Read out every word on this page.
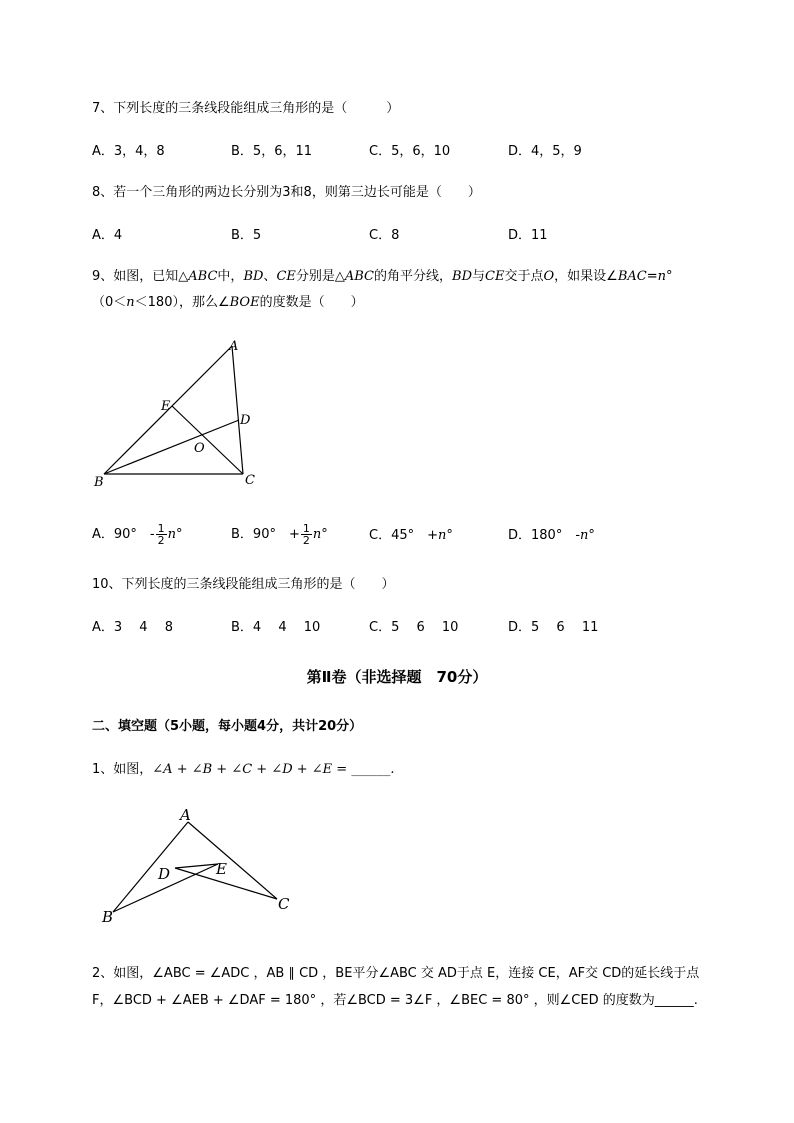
7、下列长度的三条线段能组成三角形的是（　　　）
A．3，4，8	B．5，6，11	C．5，6，10	D．4，5，9
8、若一个三角形的两边长分别为3和8，则第三边长可能是（　　）
A．4	B．5	C．8	D．11
9、如图，已知△ABC中，BD、CE分别是△ABC的角平分线，BD与CE交于点O，如果设∠BAC=n°
（0＜n＜180），那么∠BOE的度数是（　　）
A
B	C
D
E
O
A．90°　- $\frac{1}{2} n^\circ$	B．90°　+ $\frac{1}{2} n^\circ$	C．45°　+n°	D．180°　-n°
10、下列长度的三条线段能组成三角形的是（　　）
A．3　 4　 8	B．4　 4　 10	C．5　 6　 10	D．5　 6　 11
第Ⅱ卷（非选择题　70分）
二、填空题（5小题，每小题4分，共计20分）
1、如图，∠A + ∠B + ∠C + ∠D + ∠E = ______.
A
B
C
D	E
2、如图，∠ABC = ∠ADC ，AB ∥ CD ，BE平分∠ABC 交 AD于点 E，连接 CE，AF交 CD的延长线于点
F，∠BCD + ∠AEB + ∠DAF = 180° ，若∠BCD = 3∠F ，∠BEC = 80° ，则∠CED 的度数为______.
